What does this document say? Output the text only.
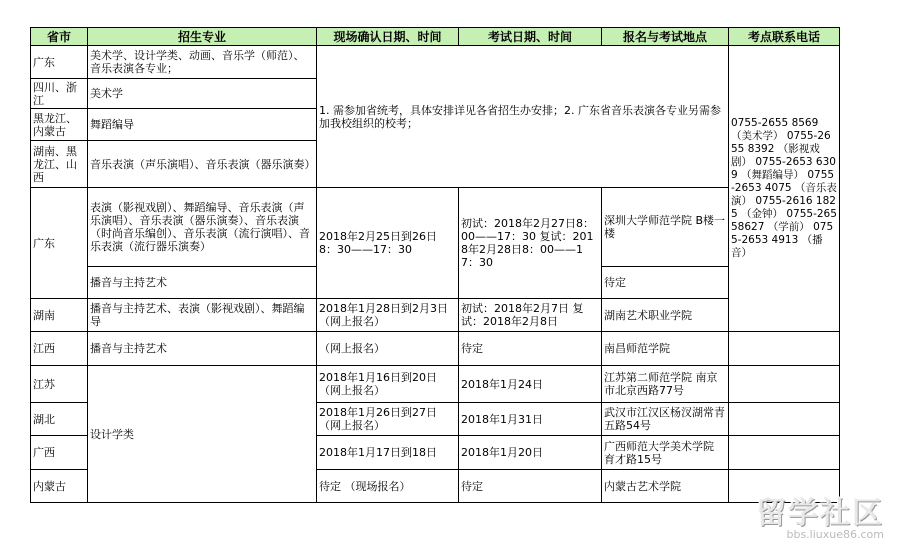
省市	招生专业	现场确认日期、时间	考试日期、时间	报名与考试地点	考点联系电话
广东	美术学、设计学类、动画、音乐学（师范）、音乐表演各专业；	1. 需参加省统考，具体安排详见各省招生办安排；2. 广东省音乐表演各专业另需参加我校组织的校考；			0755-2655 8569 （美术学） 0755-2655 8392 （影视戏剧） 0755-2653 6309 （舞蹈编导） 0755-2653 4075 （音乐表演） 0755-2616 1825 （金钟） 0755-26558627 （学前） 0755-2653 4913 （播音）
四川、浙江	美术学				
黑龙江、内蒙古	舞蹈编导				
湖南、黑龙江、山西	音乐表演（声乐演唱）、音乐表演（器乐演奏）				
广东	表演（影视戏剧）、舞蹈编导、音乐表演（声乐演唱）、音乐表演（器乐演奏）、音乐表演（时尚音乐编创）、音乐表演（流行演唱）、音乐表演（流行器乐演奏）	2018年2月25日到26日 8：30——17：30	初试：2018年2月27日8：00——17：30 复试：2018年2月28日8：00——17：30	深圳大学师范学院 B楼一楼	
	播音与主持艺术			待定	
湖南	播音与主持艺术、表演（影视戏剧）、舞蹈编导	2018年1月28日到2月3日（网上报名）	初试：2018年2月7日 复试：2018年2月8日	湖南艺术职业学院	
江西	播音与主持艺术	（网上报名）	待定	南昌师范学院	
江苏	设计学类	2018年1月16日到20日（网上报名）	2018年1月24日	江苏第二师范学院 南京市北京西路77号	
湖北		2018年1月26日到27日（网上报名）	2018年1月31日	武汉市江汉区杨汊湖常青五路54号	
广西		2018年1月17日到18日	2018年1月20日	广西师范大学美术学院 育才路15号	
内蒙古		待定 （现场报名）	待定	内蒙古艺术学院	
留学社区
bbs.liuxue86.com
